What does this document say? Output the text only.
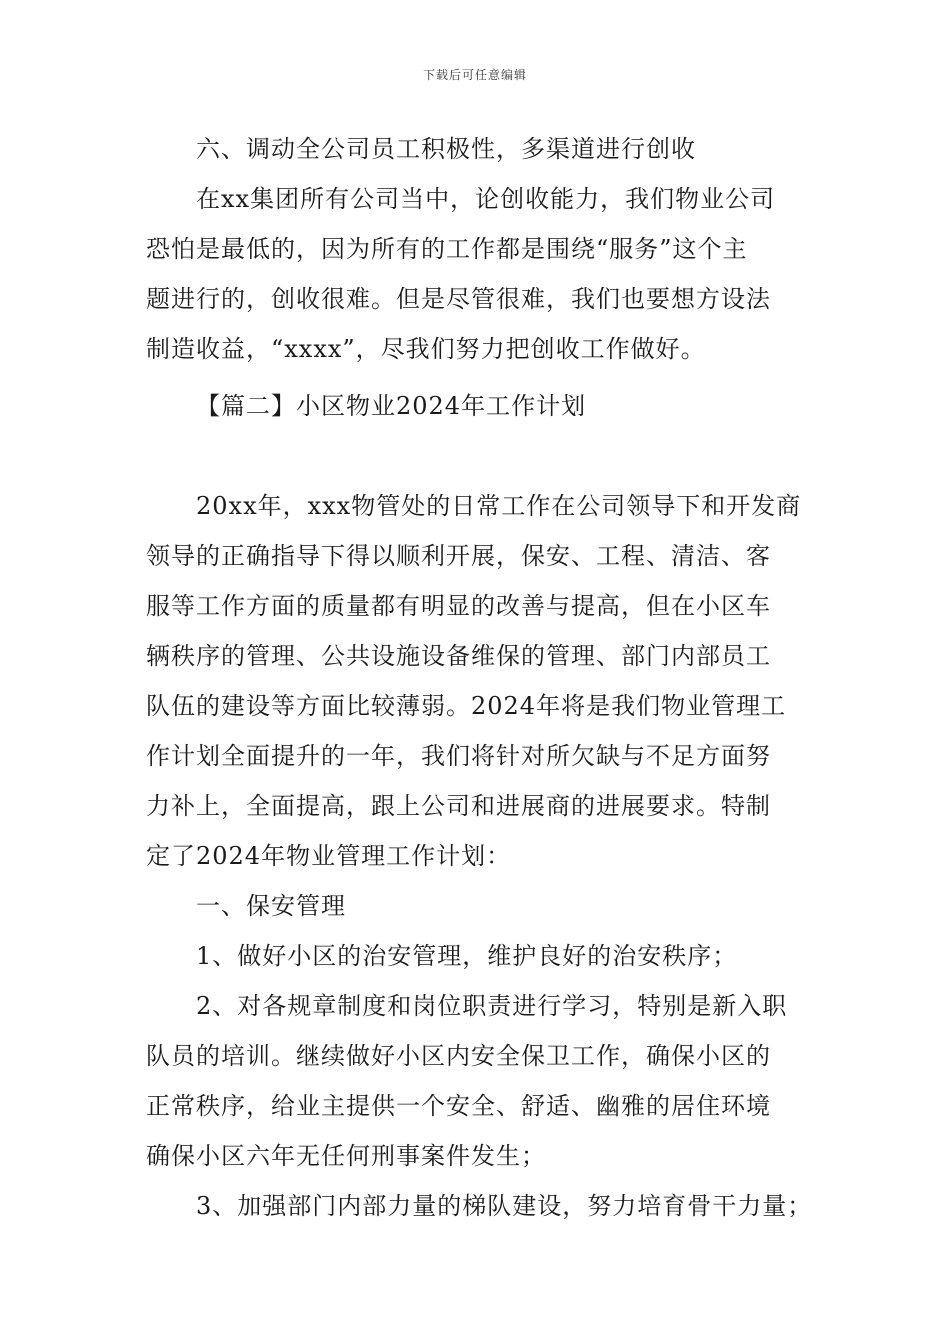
下载后可任意编辑
六、调动全公司员工积极性，多渠道进行创收
在xx集团所有公司当中，论创收能力，我们物业公司
恐怕是最低的，因为所有的工作都是围绕“服务”这个主
题进行的，创收很难。但是尽管很难，我们也要想方设法
制造收益，“xxxx”，尽我们努力把创收工作做好。
【篇二】小区物业2024年工作计划
20xx年，xxx物管处的日常工作在公司领导下和开发商
领导的正确指导下得以顺利开展，保安、工程、清洁、客
服等工作方面的质量都有明显的改善与提高，但在小区车
辆秩序的管理、公共设施设备维保的管理、部门内部员工
队伍的建设等方面比较薄弱。2024年将是我们物业管理工
作计划全面提升的一年，我们将针对所欠缺与不足方面努
力补上，全面提高，跟上公司和进展商的进展要求。特制
定了2024年物业管理工作计划：
一、保安管理
1、做好小区的治安管理，维护良好的治安秩序；
2、对各规章制度和岗位职责进行学习，特别是新入职
队员的培训。继续做好小区内安全保卫工作，确保小区的
正常秩序，给业主提供一个安全、舒适、幽雅的居住环境
确保小区六年无任何刑事案件发生；
3、加强部门内部力量的梯队建设，努力培育骨干力量；
